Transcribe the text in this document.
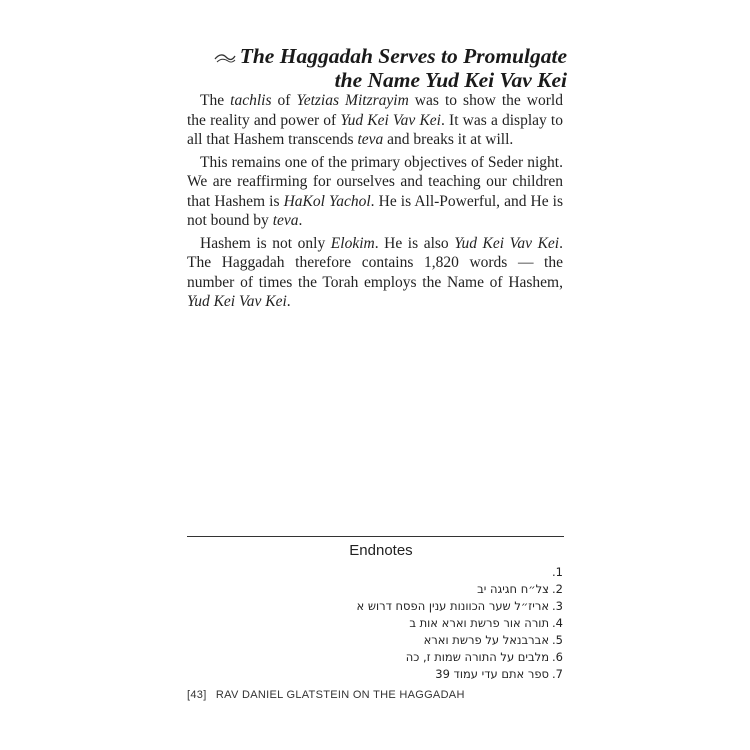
The Haggadah Serves to Promulgate
the Name Yud Kei Vav Kei

The tachlis of Yetzias Mitzrayim was to show the world the reality and power of Yud Kei Vav Kei. It was a display to all that Hashem transcends teva and breaks it at will.

This remains one of the primary objectives of Seder night. We are reaffirming for ourselves and teaching our children that Hashem is HaKol Yachol. He is All-Powerful, and He is not bound by teva.

Hashem is not only Elokim. He is also Yud Kei Vav Kei. The Haggadah therefore contains 1,820 words — the number of times the Torah employs the Name of Hashem, Yud Kei Vav Kei.

Endnotes
1.
2.צל״ח חגיגה יב
3.אריז״ל שער הכוונות ענין הפסח דרוש א
4.תורה אור פרשת וארא אות ב
5.אברבנאל על פרשת וארא
6.מלבים על התורה שמות ז, כה
7.ספר אתם עדי עמוד 39
[43] RAV DANIEL GLATSTEIN ON THE HAGGADAH
